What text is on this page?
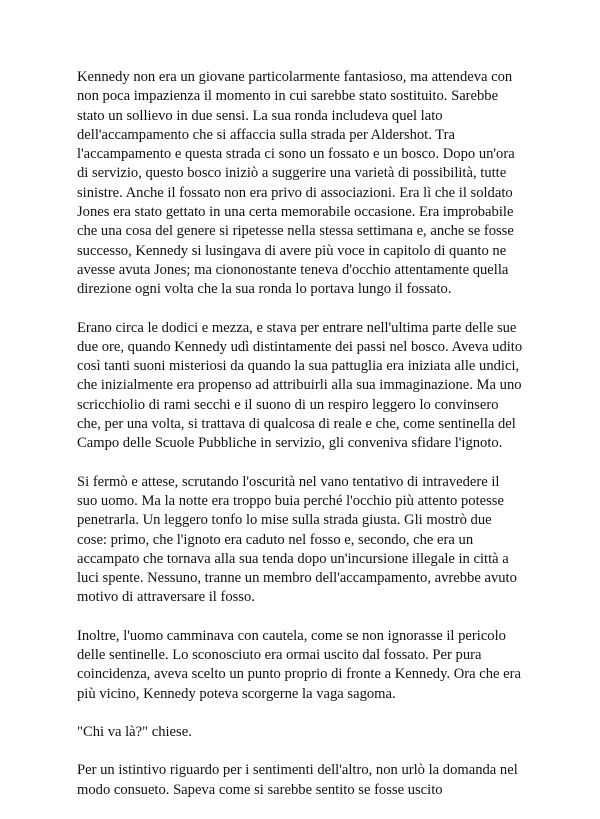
Kennedy non era un giovane particolarmente fantasioso, ma attendeva con
non poca impazienza il momento in cui sarebbe stato sostituito. Sarebbe
stato un sollievo in due sensi. La sua ronda includeva quel lato
dell'accampamento che si affaccia sulla strada per Aldershot. Tra
l'accampamento e questa strada ci sono un fossato e un bosco. Dopo un'ora
di servizio, questo bosco iniziò a suggerire una varietà di possibilità, tutte
sinistre. Anche il fossato non era privo di associazioni. Era lì che il soldato
Jones era stato gettato in una certa memorabile occasione. Era improbabile
che una cosa del genere si ripetesse nella stessa settimana e, anche se fosse
successo, Kennedy si lusingava di avere più voce in capitolo di quanto ne
avesse avuta Jones; ma ciononostante teneva d'occhio attentamente quella
direzione ogni volta che la sua ronda lo portava lungo il fossato.

Erano circa le dodici e mezza, e stava per entrare nell'ultima parte delle sue
due ore, quando Kennedy udì distintamente dei passi nel bosco. Aveva udito
così tanti suoni misteriosi da quando la sua pattuglia era iniziata alle undici,
che inizialmente era propenso ad attribuirli alla sua immaginazione. Ma uno
scricchiolio di rami secchi e il suono di un respiro leggero lo convinsero
che, per una volta, si trattava di qualcosa di reale e che, come sentinella del
Campo delle Scuole Pubbliche in servizio, gli conveniva sfidare l'ignoto.

Si fermò e attese, scrutando l'oscurità nel vano tentativo di intravedere il
suo uomo. Ma la notte era troppo buia perché l'occhio più attento potesse
penetrarla. Un leggero tonfo lo mise sulla strada giusta. Gli mostrò due
cose: primo, che l'ignoto era caduto nel fosso e, secondo, che era un
accampato che tornava alla sua tenda dopo un'incursione illegale in città a
luci spente. Nessuno, tranne un membro dell'accampamento, avrebbe avuto
motivo di attraversare il fosso.

Inoltre, l'uomo camminava con cautela, come se non ignorasse il pericolo
delle sentinelle. Lo sconosciuto era ormai uscito dal fossato. Per pura
coincidenza, aveva scelto un punto proprio di fronte a Kennedy. Ora che era
più vicino, Kennedy poteva scorgerne la vaga sagoma.

"Chi va là?" chiese.

Per un istintivo riguardo per i sentimenti dell'altro, non urlò la domanda nel
modo consueto. Sapeva come si sarebbe sentito se fosse uscito
